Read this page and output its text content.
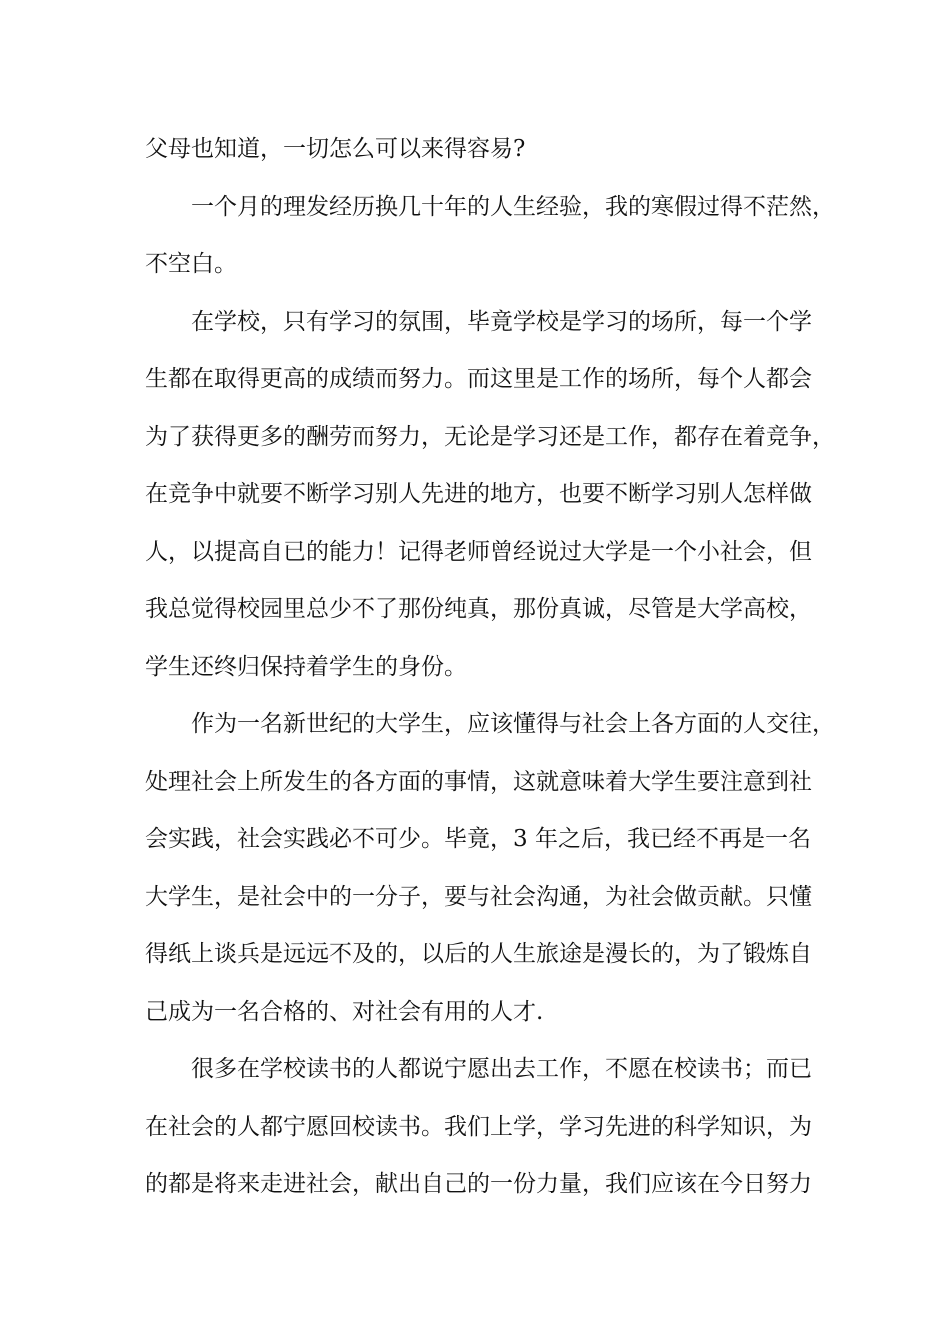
父母也知道，一切怎么可以来得容易?
一个月的理发经历换几十年的人生经验，我的寒假过得不茫然，
不空白。
在学校，只有学习的氛围，毕竟学校是学习的场所，每一个学
生都在取得更高的成绩而努力。而这里是工作的场所，每个人都会
为了获得更多的酬劳而努力，无论是学习还是工作，都存在着竞争，
在竞争中就要不断学习别人先进的地方，也要不断学习别人怎样做
人，以提高自已的能力！记得老师曾经说过大学是一个小社会，但
我总觉得校园里总少不了那份纯真，那份真诚，尽管是大学高校，
学生还终归保持着学生的身份。
作为一名新世纪的大学生，应该懂得与社会上各方面的人交往，
处理社会上所发生的各方面的事情，这就意味着大学生要注意到社
会实践，社会实践必不可少。毕竟，3 年之后，我已经不再是一名
大学生，是社会中的一分子，要与社会沟通，为社会做贡献。只懂
得纸上谈兵是远远不及的，以后的人生旅途是漫长的，为了锻炼自
己成为一名合格的、对社会有用的人才.
很多在学校读书的人都说宁愿出去工作，不愿在校读书；而已
在社会的人都宁愿回校读书。我们上学，学习先进的科学知识，为
的都是将来走进社会，献出自己的一份力量，我们应该在今日努力
